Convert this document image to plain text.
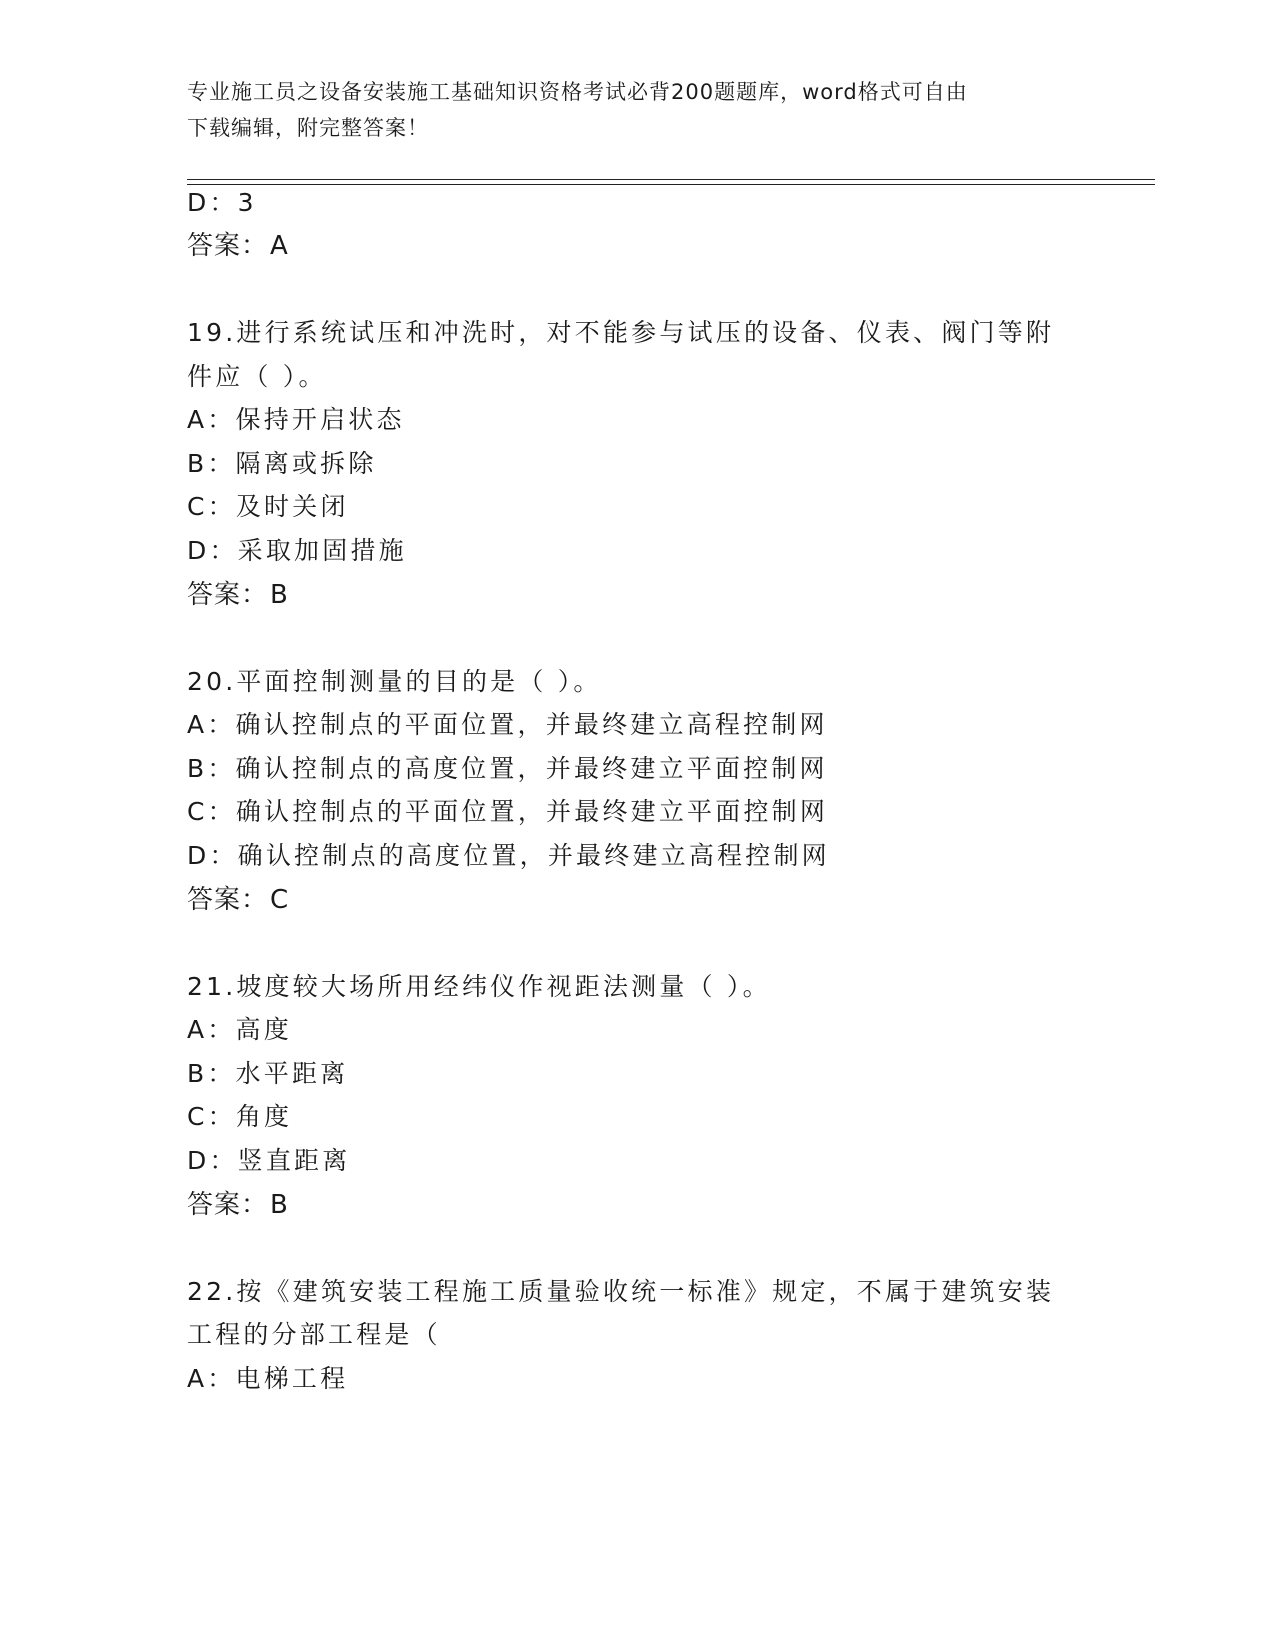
专业施工员之设备安装施工基础知识资格考试必背200题题库，word格式可自由
下载编辑，附完整答案！
D：3
答案：A
19.进行系统试压和冲洗时，对不能参与试压的设备、仪表、阀门等附
件应（ ）。
A：保持开启状态
B：隔离或拆除
C：及时关闭
D：采取加固措施
答案：B
20.平面控制测量的目的是（ ）。
A：确认控制点的平面位置，并最终建立高程控制网
B：确认控制点的高度位置，并最终建立平面控制网
C：确认控制点的平面位置，并最终建立平面控制网
D：确认控制点的高度位置，并最终建立高程控制网
答案：C
21.坡度较大场所用经纬仪作视距法测量（ ）。
A：高度
B：水平距离
C：角度
D：竖直距离
答案：B
22.按《建筑安装工程施工质量验收统一标准》规定，不属于建筑安装
工程的分部工程是（
A：电梯工程
